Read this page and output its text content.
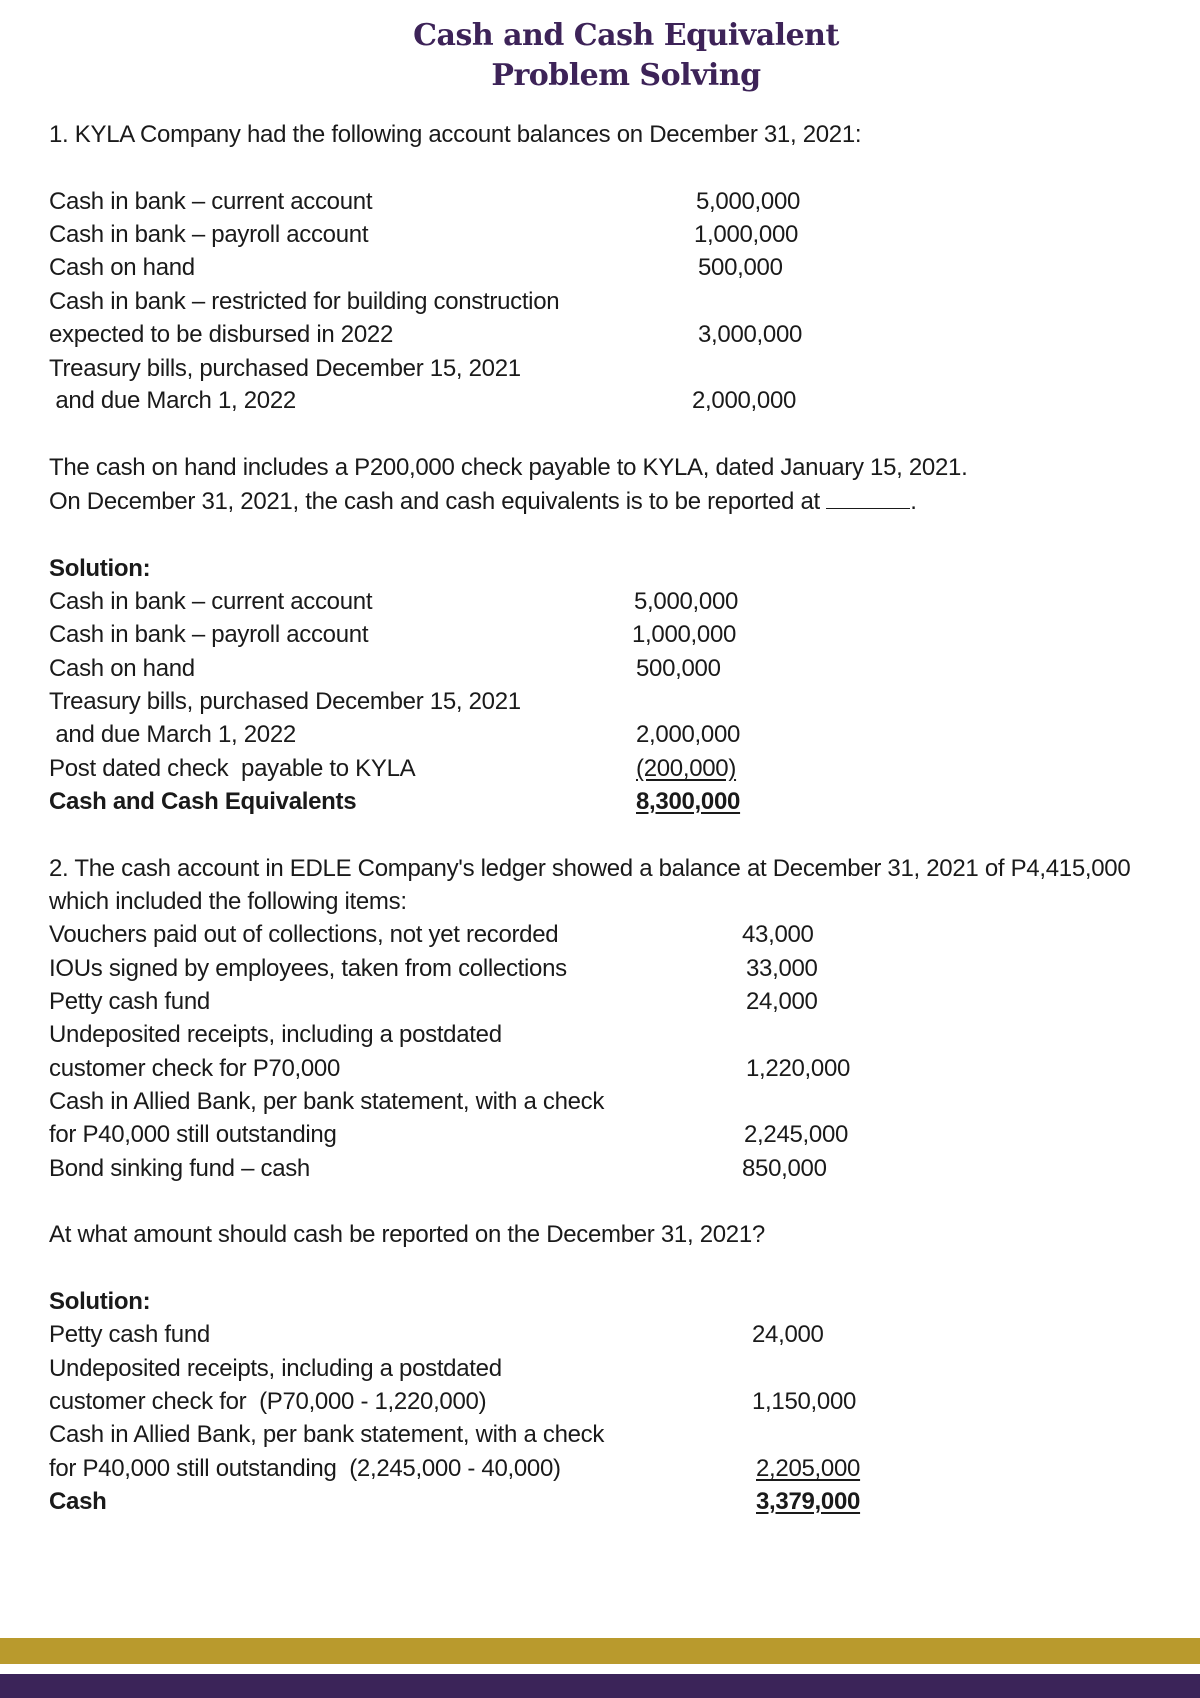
Cash and Cash Equivalent
Problem Solving
1. KYLA Company had the following account balances on December 31, 2021:
Cash in bank – current account	5,000,000
Cash in bank – payroll account	1,000,000
Cash on hand	500,000
Cash in bank – restricted for building construction
expected to be disbursed in 2022	3,000,000
Treasury bills, purchased December 15, 2021
and due March 1, 2022	2,000,000
The cash on hand includes a P200,000 check payable to KYLA, dated January 15, 2021.
On December 31, 2021, the cash and cash equivalents is to be reported at	.
Solution:
Cash in bank – current account	5,000,000
Cash in bank – payroll account	1,000,000
Cash on hand	500,000
Treasury bills, purchased December 15, 2021
and due March 1, 2022	2,000,000
Post dated check  payable to KYLA	(200,000)
Cash and Cash Equivalents	8,300,000
2. The cash account in EDLE Company's ledger showed a balance at December 31, 2021 of P4,415,000
which included the following items:
Vouchers paid out of collections, not yet recorded	43,000
IOUs signed by employees, taken from collections	33,000
Petty cash fund	24,000
Undeposited receipts, including a postdated
customer check for P70,000	1,220,000
Cash in Allied Bank, per bank statement, with a check
for P40,000 still outstanding	2,245,000
Bond sinking fund – cash	850,000
At what amount should cash be reported on the December 31, 2021?
Solution:
Petty cash fund	24,000
Undeposited receipts, including a postdated
customer check for  (P70,000 - 1,220,000)	1,150,000
Cash in Allied Bank, per bank statement, with a check
for P40,000 still outstanding  (2,245,000 - 40,000)	2,205,000
Cash	3,379,000
